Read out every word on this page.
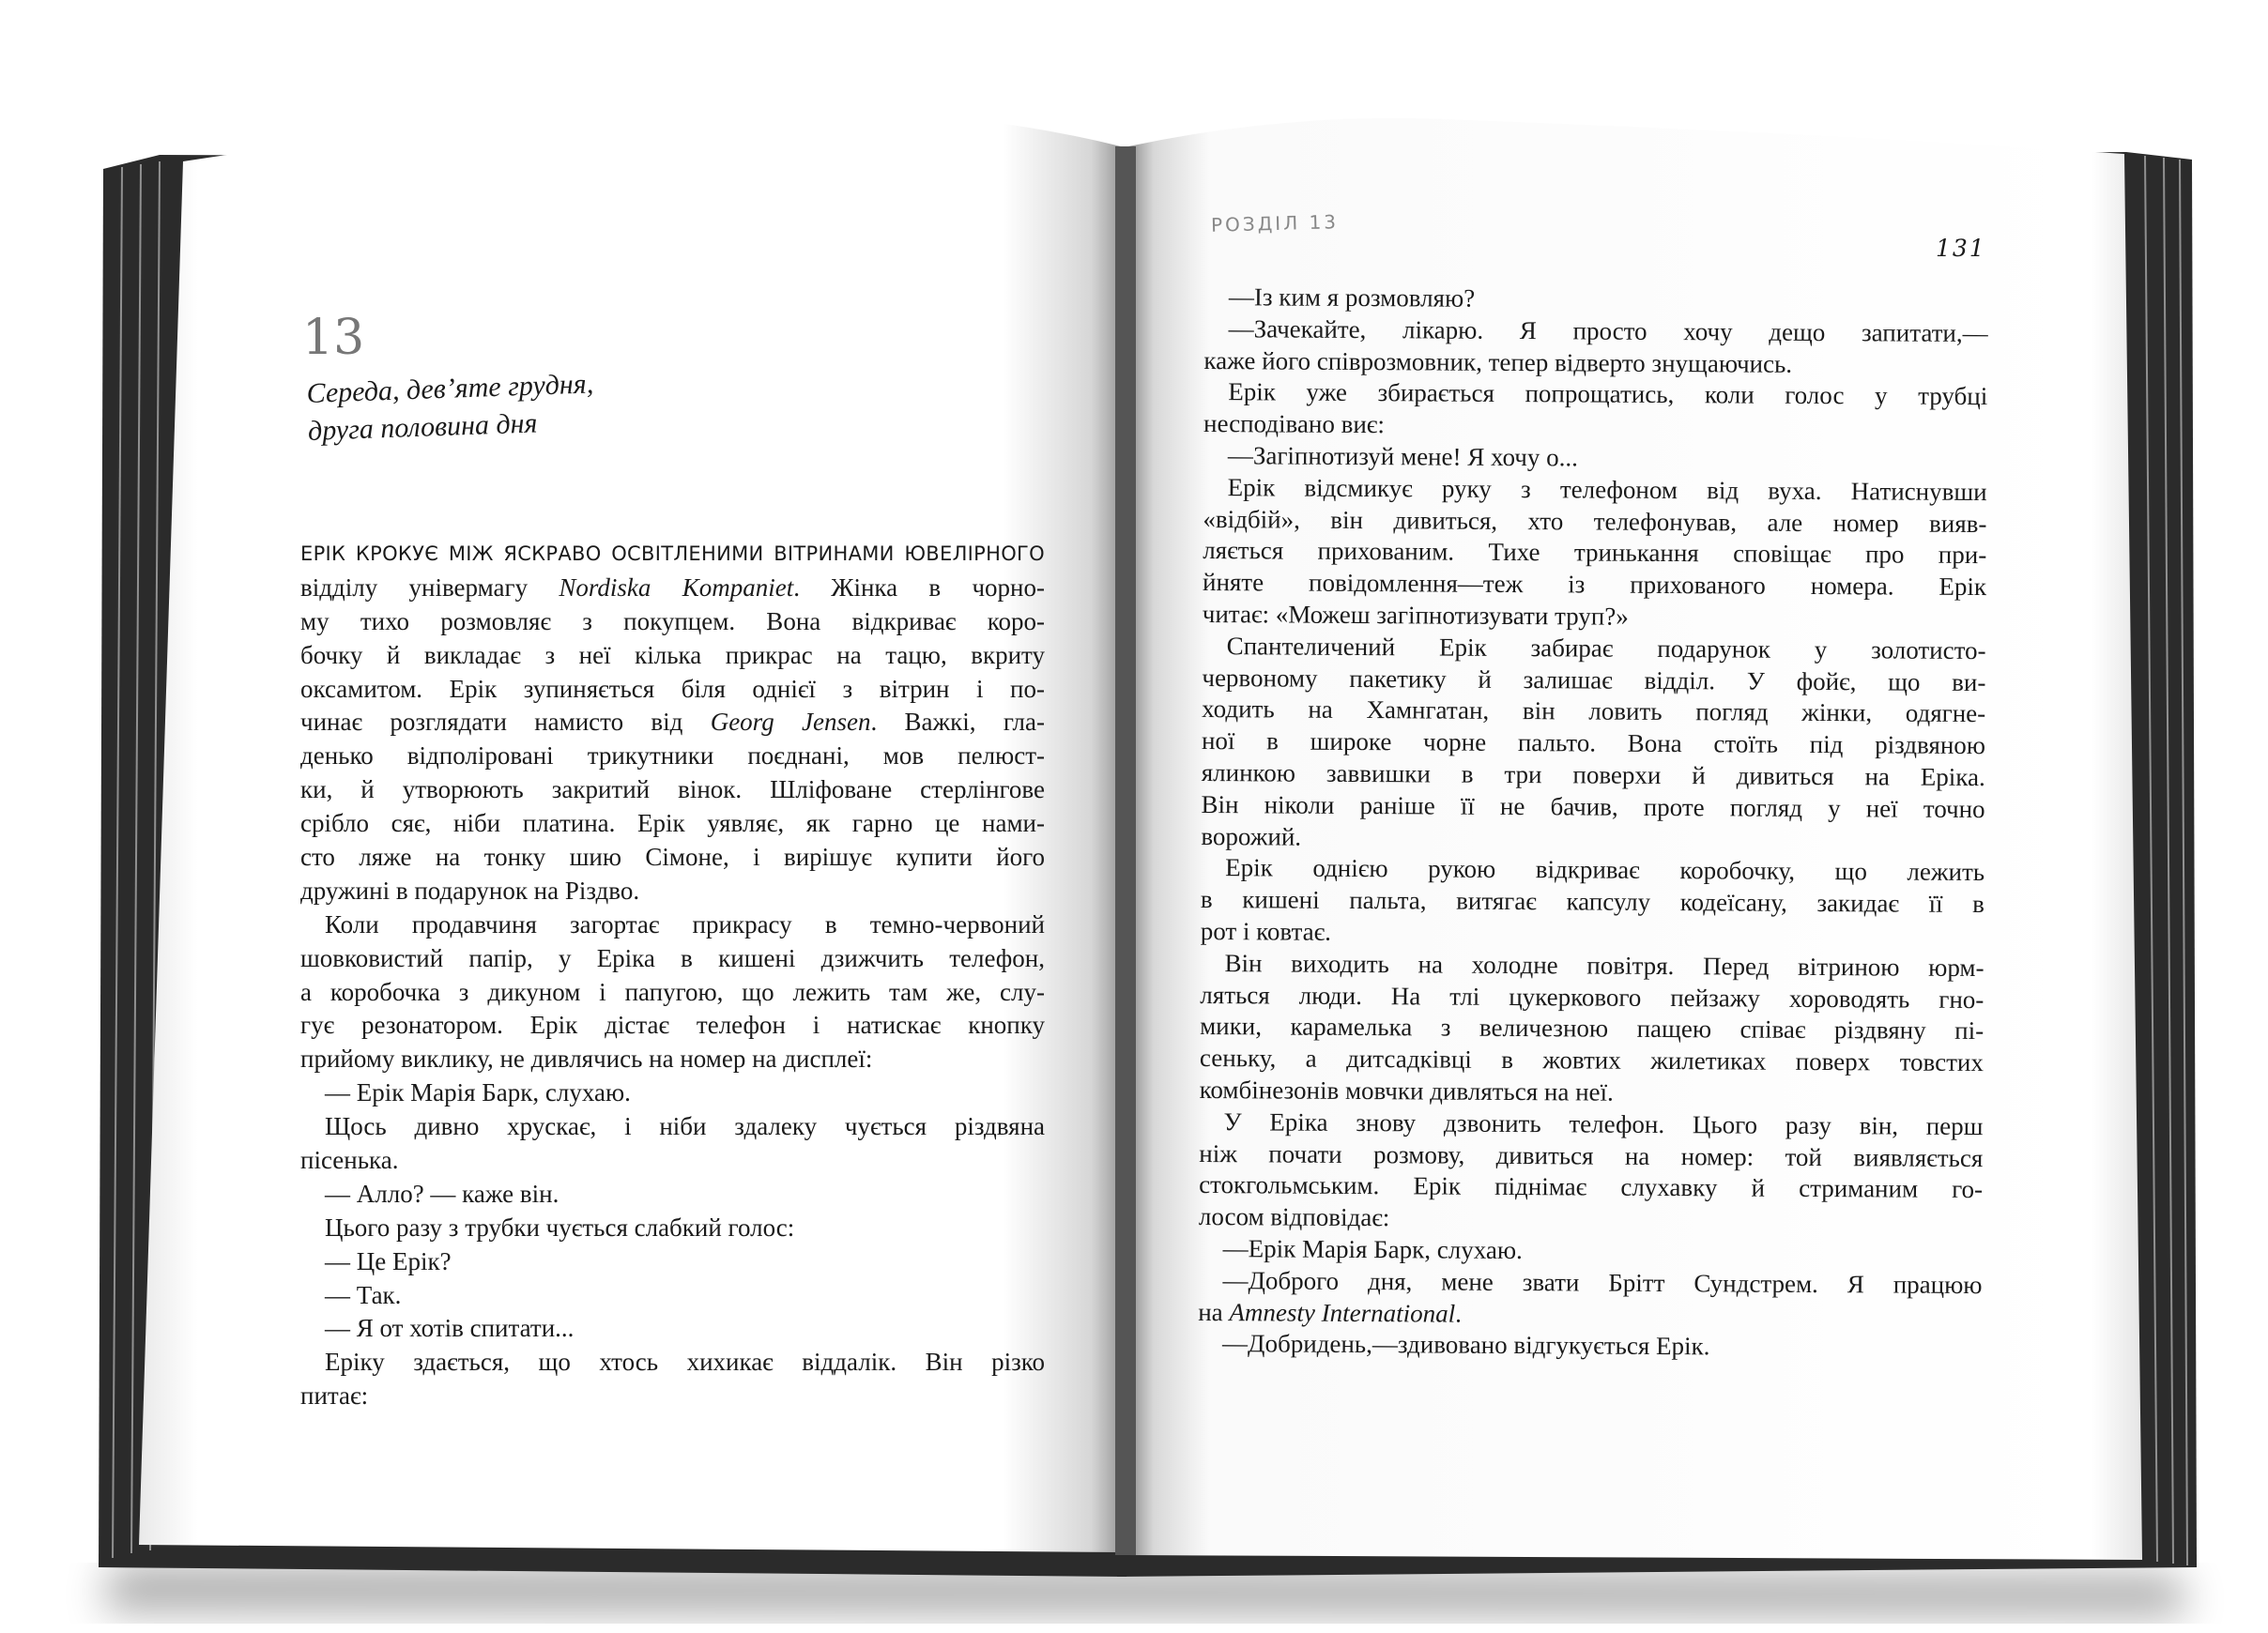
13
Середа, дев’яте грудня,
друга половина дня
ЕРІК КРОКУЄ МІЖ ЯСКРАВО ОСВІТЛЕНИМИ ВІТРИНАМИ ЮВЕЛІРНОГО
відділу універмагу Nordiska Kompaniet. Жінка в чорно-
му тихо розмовляє з покупцем. Вона відкриває коро-
бочку й викладає з неї кілька прикрас на тацю, вкриту
оксамитом. Ерік зупиняється біля однієї з вітрин і по-
чинає розглядати намисто від Georg Jensen. Важкі, гла-
денько відполіровані трикутники поєднані, мов пелюст-
ки, й утворюють закритий вінок. Шліфоване стерлінгове
срібло сяє, ніби платина. Ерік уявляє, як гарно це нами-
сто ляже на тонку шию Сімоне, і вирішує купити його
дружині в подарунок на Різдво.
Коли продавчиня загортає прикрасу в темно-червоний
шовковистий папір, у Еріка в кишені дзижчить телефон,
а коробочка з дикуном і папугою, що лежить там же, слу-
гує резонатором. Ерік дістає телефон і натискає кнопку
прийому виклику, не дивлячись на номер на дисплеї:
— Ерік Марія Барк, слухаю.
Щось дивно хрускає, і ніби здалеку чується різдвяна
пісенька.
— Алло? — каже він.
Цього разу з трубки чується слабкий голос:
— Це Ерік?
— Так.
— Я от хотів спитати...
Еріку здається, що хтось хихикає віддалік. Він різко
питає:
РОЗДІЛ 13
131
—Із ким я розмовляю?
—Зачекайте, лікарю. Я просто хочу дещо запитати,—
каже його співрозмовник, тепер відверто знущаючись.
Ерік уже збирається попрощатись, коли голос у трубці
несподівано виє:
—Загіпнотизуй мене! Я хочу о...
Ерік відсмикує руку з телефоном від вуха. Натиснувши
«відбій», він дивиться, хто телефонував, але номер вияв-
ляється прихованим. Тихе тринькання сповіщає про при-
йняте повідомлення—теж із прихованого номера. Ерік
читає: «Можеш загіпнотизувати труп?»
Спантеличений Ерік забирає подарунок у золотисто-
червоному пакетику й залишає відділ. У фойє, що ви-
ходить на Хамнгатан, він ловить погляд жінки, одягне-
ної в широке чорне пальто. Вона стоїть під різдвяною
ялинкою заввишки в три поверхи й дивиться на Еріка.
Він ніколи раніше її не бачив, проте погляд у неї точно
ворожий.
Ерік однією рукою відкриває коробочку, що лежить
в кишені пальта, витягає капсулу кодеїсану, закидає її в
рот і ковтає.
Він виходить на холодне повітря. Перед вітриною юрм-
ляться люди. На тлі цукеркового пейзажу хороводять гно-
мики, карамелька з величезною пащею співає різдвяну пі-
сеньку, а дитсадківці в жовтих жилетиках поверх товстих
комбінезонів мовчки дивляться на неї.
У Еріка знову дзвонить телефон. Цього разу він, перш
ніж почати розмову, дивиться на номер: той виявляється
стокгольмським. Ерік піднімає слухавку й стриманим го-
лосом відповідає:
—Ерік Марія Барк, слухаю.
—Доброго дня, мене звати Брітт Сундстрем. Я працюю
на Amnesty International.
—Добридень,—здивовано відгукується Ерік.
